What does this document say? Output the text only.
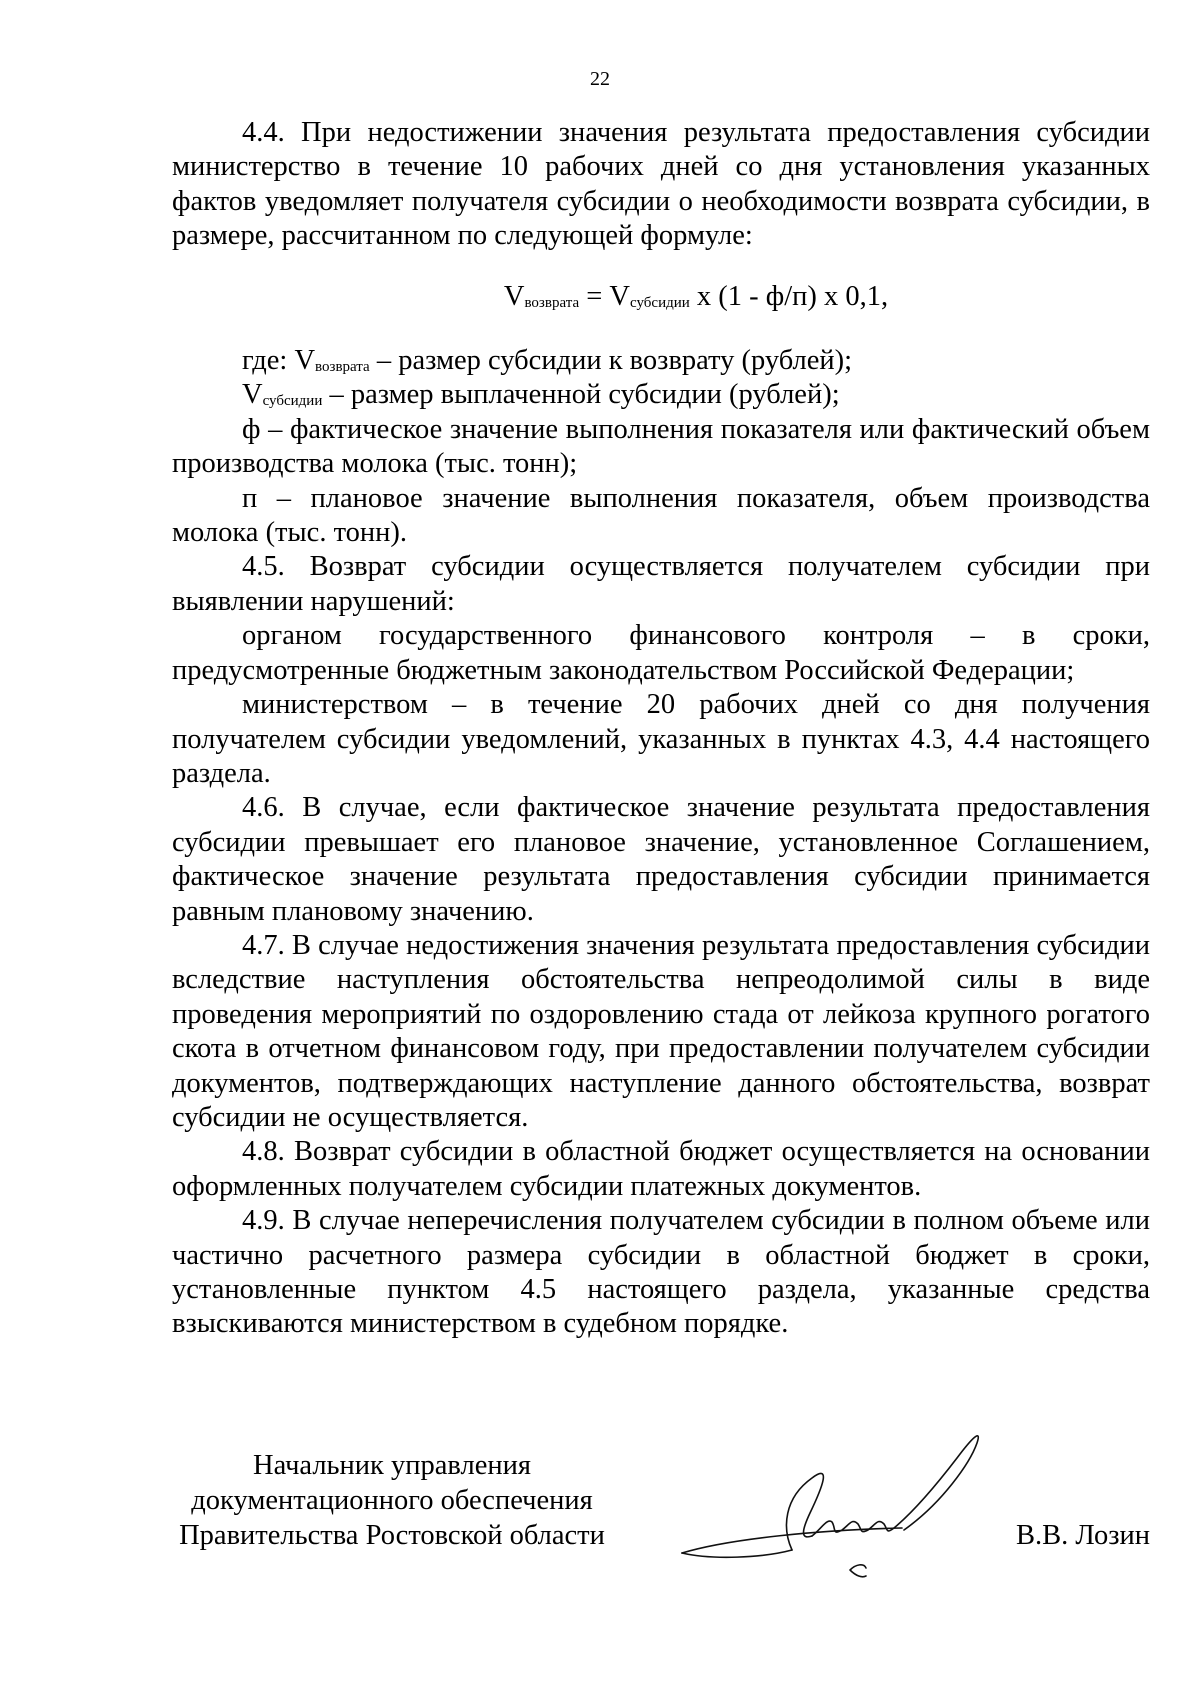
22

4.4. При недостижении значения результата предоставления субсидии министерство в течение 10 рабочих дней со дня установления указанных фактов уведомляет получателя субсидии о необходимости возврата субсидии, в размере, рассчитанном по следующей формуле:

$V_{возврата} = V_{субсидии}$ х (1 - ф/п) х 0,1,

где: $V_{возврата}$ – размер субсидии к возврату (рублей);

$V_{субсидии}$ – размер выплаченной субсидии (рублей);

ф – фактическое значение выполнения показателя или фактический объем производства молока (тыс. тонн);

п – плановое значение выполнения показателя, объем производства молока (тыс. тонн).

4.5. Возврат субсидии осуществляется получателем субсидии при выявлении нарушений:

органом государственного финансового контроля – в сроки, предусмотренные бюджетным законодательством Российской Федерации;

министерством – в течение 20 рабочих дней со дня получения получателем субсидии уведомлений, указанных в пунктах 4.3, 4.4 настоящего раздела.

4.6. В случае, если фактическое значение результата предоставления субсидии превышает его плановое значение, установленное Соглашением, фактическое значение результата предоставления субсидии принимается равным плановому значению.

4.7. В случае недостижения значения результата предоставления субсидии вследствие наступления обстоятельства непреодолимой силы в виде проведения мероприятий по оздоровлению стада от лейкоза крупного рогатого скота в отчетном финансовом году, при предоставлении получателем субсидии документов, подтверждающих наступление данного обстоятельства, возврат субсидии не осуществляется.

4.8. Возврат субсидии в областной бюджет осуществляется на основании оформленных получателем субсидии платежных документов.

4.9. В случае неперечисления получателем субсидии в полном объеме или частично расчетного размера субсидии в областной бюджет в сроки, установленные пунктом 4.5 настоящего раздела, указанные средства взыскиваются министерством в судебном порядке.

Начальник управления
документационного обеспечения
Правительства Ростовской области	В.В. Лозин
